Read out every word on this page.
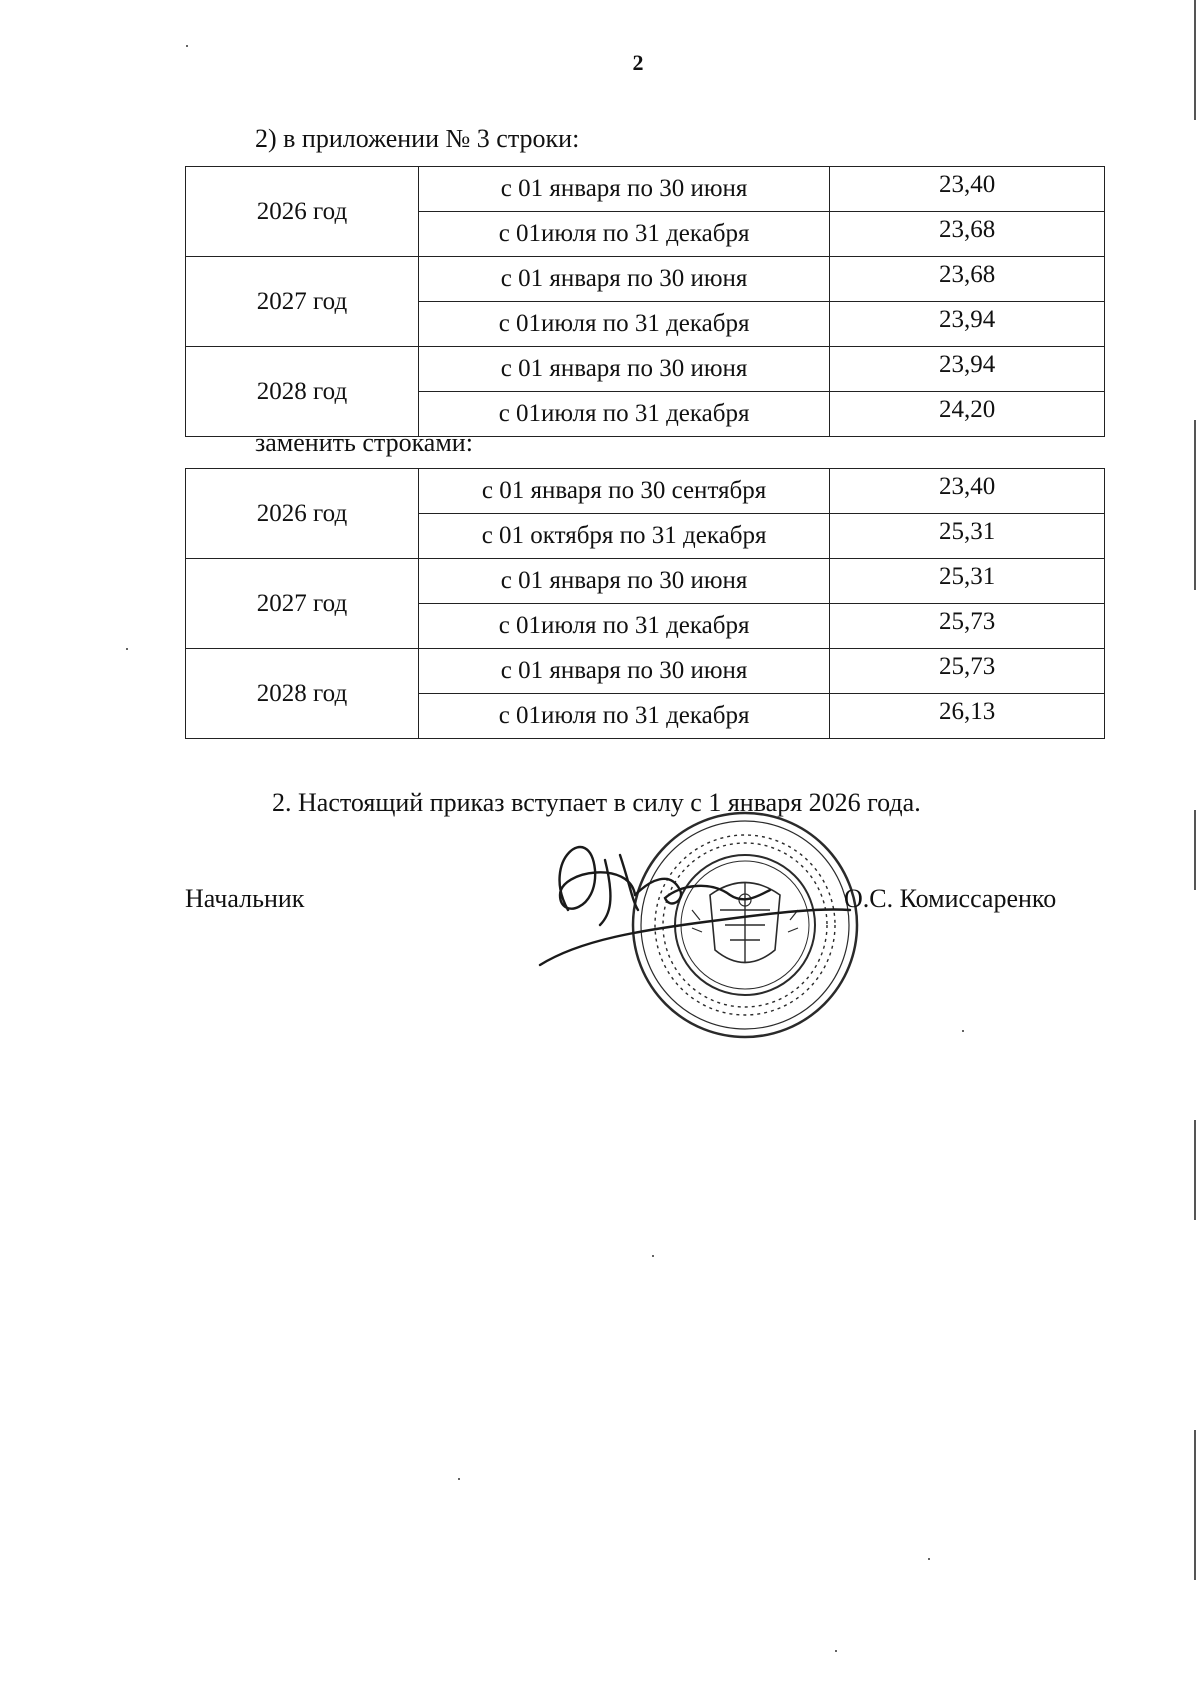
2
2) в приложении № 3 строки:
2026 год	с 01 января по 30 июня	23,40
	с 01июля по 31 декабря	23,68
2027 год	с 01 января по 30 июня	23,68
	с 01июля по 31 декабря	23,94
2028 год	с 01 января по 30 июня	23,94
	с 01июля по 31 декабря	24,20
заменить строками:
2026 год	с 01 января по 30 сентября	23,40
	с 01 октября по 31 декабря	25,31
2027 год	с 01 января по 30 июня	25,31
	с 01июля по 31 декабря	25,73
2028 год	с 01 января по 30 июня	25,73
	с 01июля по 31 декабря	26,13
2. Настоящий приказ вступает в силу с 1 января 2026 года.
Начальник	О.С. Комиссаренко
